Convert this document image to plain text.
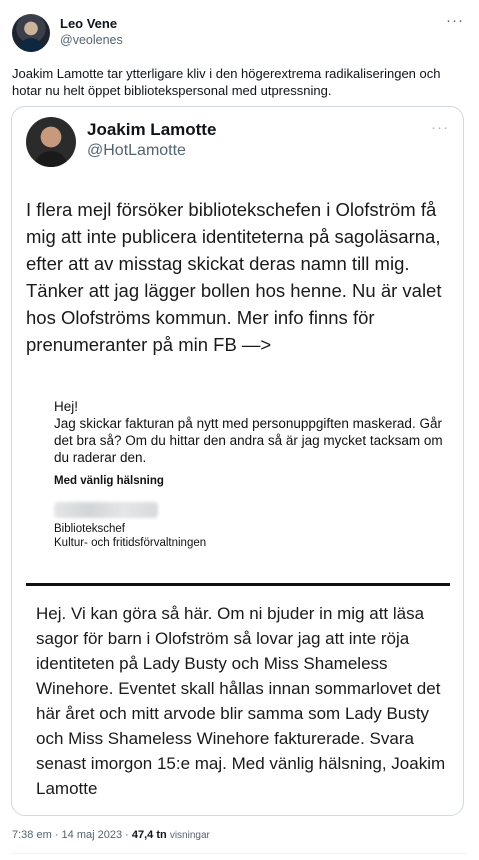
Leo Vene
@veolenes
···
Joakim Lamotte tar ytterligare kliv i den högerextrema radikaliseringen och hotar nu helt öppet bibliotekspersonal med utpressning.
Joakim Lamotte
@HotLamotte
···
I flera mejl försöker bibliotekschefen i Olofström få mig att inte publicera identiteterna på sagoläsarna, efter att av misstag skickat deras namn till mig. Tänker att jag lägger bollen hos henne. Nu är valet hos Olofströms kommun. Mer info finns för prenumeranter på min FB —>
Hej!
Jag skickar fakturan på nytt med personuppgiften maskerad. Går det bra så? Om du hittar den andra så är jag mycket tacksam om du raderar den.
Med vänlig hälsning
Bibliotekschef
Kultur- och fritidsförvaltningen
Hej. Vi kan göra så här. Om ni bjuder in mig att läsa sagor för barn i Olofström så lovar jag att inte röja identiteten på Lady Busty och Miss Shameless Winehore. Eventet skall hållas innan sommarlovet det här året och mitt arvode blir samma som Lady Busty och Miss Shameless Winehore fakturerade. Svara senast imorgon 15:e maj. Med vänlig hälsning, Joakim Lamotte
7:38 em · 14 maj 2023 · 47,4 tn visningar
